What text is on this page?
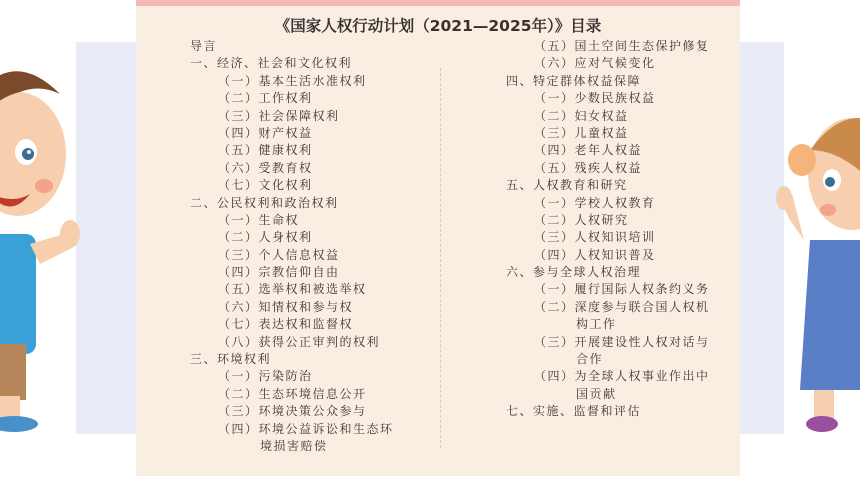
《国家人权行动计划（2021—2025年）》目录
导言
一、经济、社会和文化权利
（一）基本生活水准权利
（二）工作权利
（三）社会保障权利
（四）财产权益
（五）健康权利
（六）受教育权
（七）文化权利
二、公民权利和政治权利
（一）生命权
（二）人身权利
（三）个人信息权益
（四）宗教信仰自由
（五）选举权和被选举权
（六）知情权和参与权
（七）表达权和监督权
（八）获得公正审判的权利
三、环境权利
（一）污染防治
（二）生态环境信息公开
（三）环境决策公众参与
（四）环境公益诉讼和生态环
境损害赔偿
（五）国土空间生态保护修复
（六）应对气候变化
四、特定群体权益保障
（一）少数民族权益
（二）妇女权益
（三）儿童权益
（四）老年人权益
（五）残疾人权益
五、人权教育和研究
（一）学校人权教育
（二）人权研究
（三）人权知识培训
（四）人权知识普及
六、参与全球人权治理
（一）履行国际人权条约义务
（二）深度参与联合国人权机
构工作
（三）开展建设性人权对话与
合作
（四）为全球人权事业作出中
国贡献
七、实施、监督和评估
